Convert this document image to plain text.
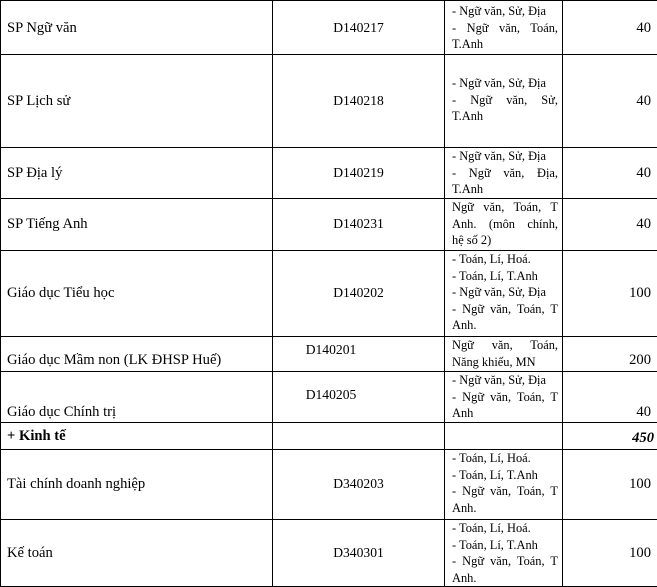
SP Ngữ văn	D140217	- Ngữ văn, Sử, Địa
- Ngữ văn, Toán,
T.Anh	40

SP Lịch sử	D140218	- Ngữ văn, Sử, Địa
- Ngữ văn, Sử,
T.Anh	40

SP Địa lý	D140219	- Ngữ văn, Sử, Địa
- Ngữ văn, Địa,
T.Anh	40

SP Tiếng Anh	D140231	Ngữ văn, Toán, T
Anh. (môn chính,
hệ số 2)	40

Giáo dục Tiểu học	D140202	- Toán, Lí, Hoá.
- Toán, Lí, T.Anh
- Ngữ văn, Sử, Địa
- Ngữ văn, Toán, T
Anh.	100

Giáo dục Mầm non (LK ĐHSP Huế)	D140201	Ngữ văn, Toán,
Năng khiếu, MN	200

Giáo dục Chính trị	D140205	- Ngữ văn, Sử, Địa
- Ngữ văn, Toán, T
Anh	40

+ Kinh tế			450

Tài chính doanh nghiệp	D340203	- Toán, Lí, Hoá.
- Toán, Lí, T.Anh
- Ngữ văn, Toán, T
Anh.	100

Kế toán	D340301	- Toán, Lí, Hoá.
- Toán, Lí, T.Anh
- Ngữ văn, Toán, T
Anh.	100
